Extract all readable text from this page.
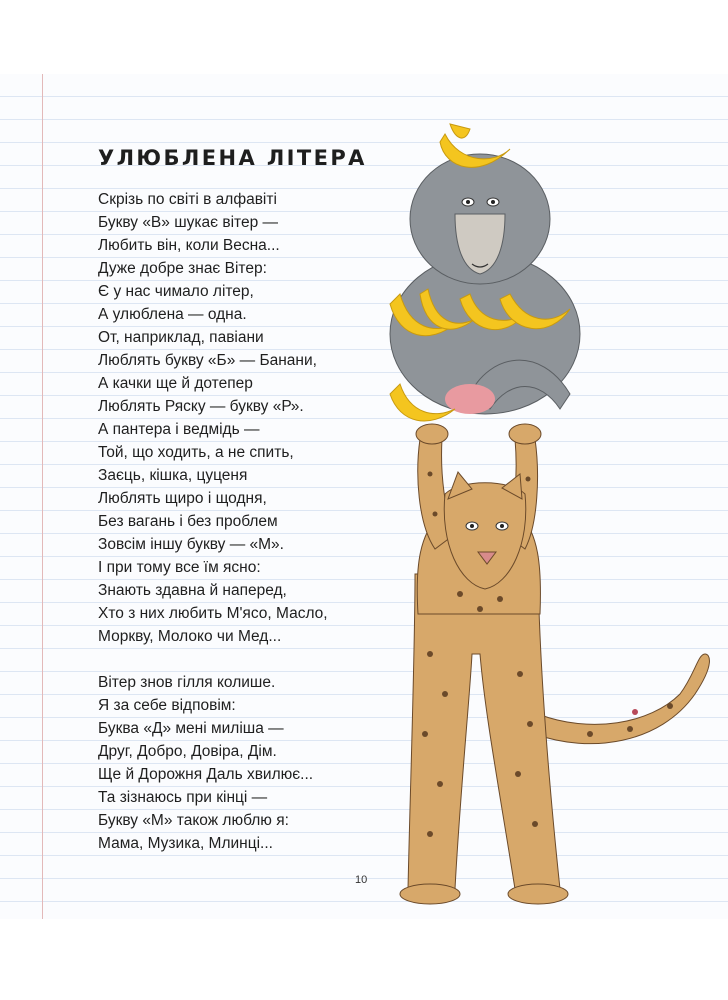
УЛЮБЛЕНА ЛІТЕРА
Скрізь по світі в алфавіті
Букву «В» шукає вітер —
Любить він, коли Весна...
Дуже добре знає Вітер:
Є у нас чимало літер,
А улюблена — одна.
От, наприклад, павіани
Люблять букву «Б» — Банани,
А качки ще й дотепер
Люблять Ряску — букву «Р».
А пантера і ведмідь —
Той, що ходить, а не спить,
Заєць, кішка, цуценя
Люблять щиро і щодня,
Без вагань і без проблем
Зовсім іншу букву — «М».
І при тому все їм ясно:
Знають здавна й наперед,
Хто з них любить М'ясо, Масло,
Моркву, Молоко чи Мед...
Вітер знов гілля колише.
Я за себе відповім:
Буква «Д» мені миліша —
Друг, Добро, Довіра, Дім.
Ще й Дорожня Даль хвилює...
Та зізнаюсь при кінці —
Букву «М» також люблю я:
Мама, Музика, Млинці...
10
